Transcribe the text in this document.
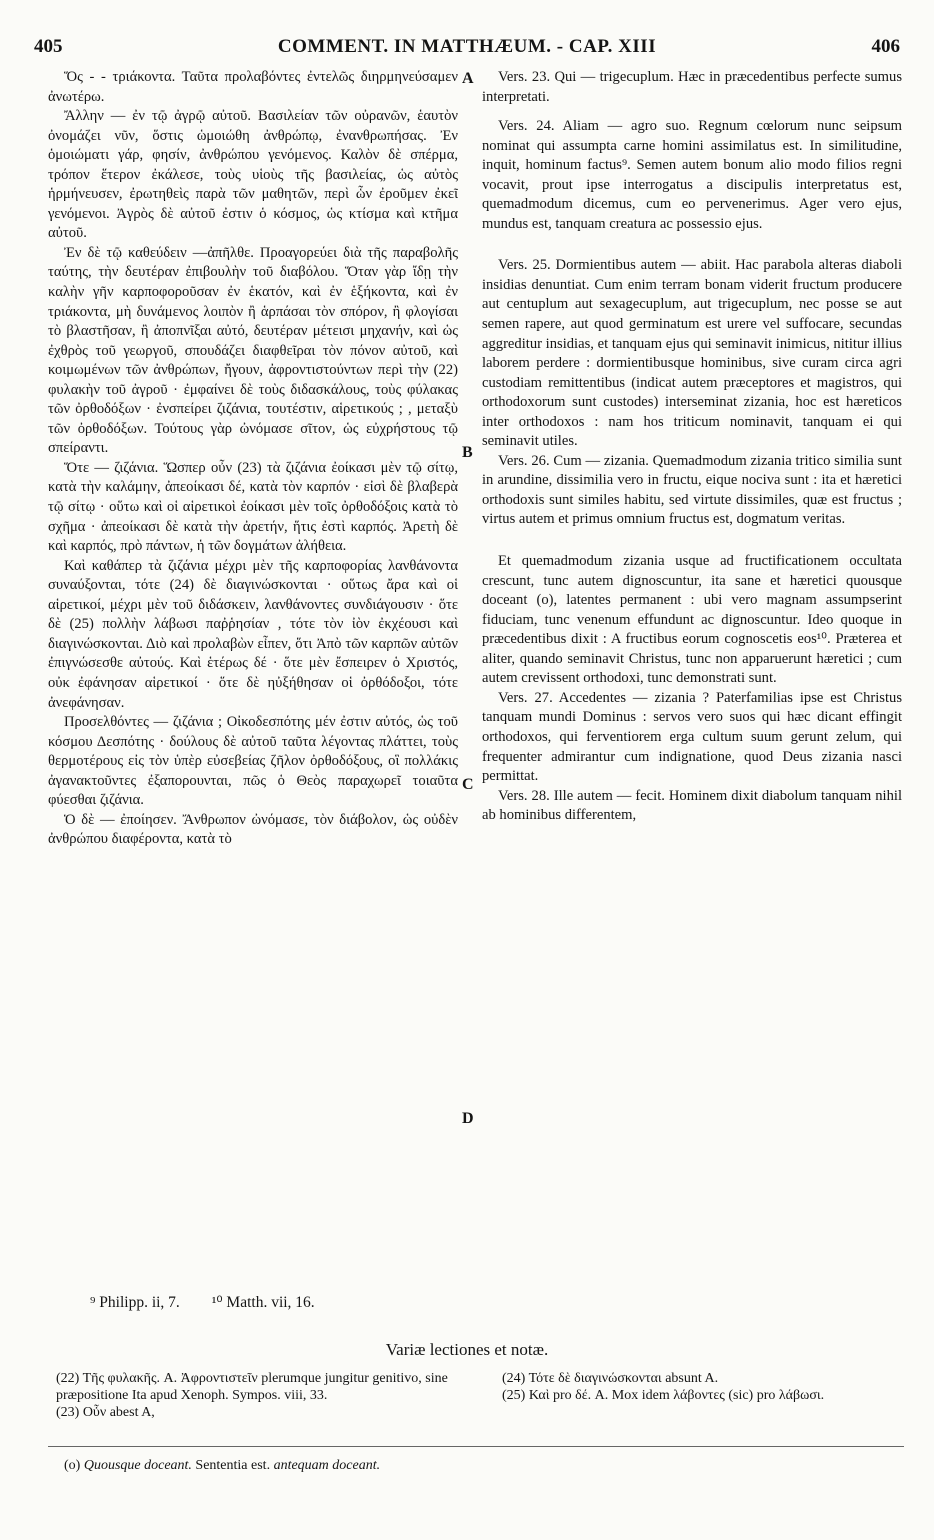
405	COMMENT. IN MATTHÆUM. - CAP. XIII	406

Ὅς - - τριάκοντα. Ταῦτα προλαβόντες ἐντελῶς διηρμηνεύσαμεν ἀνωτέρω.

Ἄλλην — ἐν τῷ ἀγρῷ αὐτοῦ. Βασιλείαν τῶν οὐρανῶν, ἑαυτὸν ὀνομάζει νῦν, ὅστις ὡμοιώθη ἀνθρώπῳ, ἐνανθρωπήσας. Ἐν ὁμοιώματι γάρ, φησίν, ἀνθρώπου γενόμενος. Καλὸν δὲ σπέρμα, τρόπον ἕτερον ἐκάλεσε, τοὺς υἱοὺς τῆς βασιλείας, ὡς αὐτὸς ἡρμήνευσεν, ἐρωτηθεὶς παρὰ τῶν μαθητῶν, περὶ ὧν ἐροῦμεν ἐκεῖ γενόμενοι. Ἀγρὸς δὲ αὐτοῦ ἐστιν ὁ κόσμος, ὡς κτίσμα καὶ κτῆμα αὐτοῦ.

Ἐν δὲ τῷ καθεύδειν —ἀπῆλθε. Προαγορεύει διὰ τῆς παραβολῆς ταύτης, τὴν δευτέραν ἐπιβουλὴν τοῦ διαβόλου. Ὅταν γὰρ ἴδῃ τὴν καλὴν γῆν καρποφοροῦσαν ἐν ἑκατόν, καὶ ἐν ἑξήκοντα, καὶ ἐν τριάκοντα, μὴ δυνάμενος λοιπὸν ἢ ἁρπάσαι τὸν σπόρον, ἢ φλογίσαι τὸ βλαστῆσαν, ἢ ἀποπνῖξαι αὐτό, δευτέραν μέτεισι μηχανήν, καὶ ὡς ἐχθρὸς τοῦ γεωργοῦ, σπουδάζει διαφθεῖραι τὸν πόνον αὐτοῦ, καὶ κοιμωμένων τῶν ἀνθρώπων, ἤγουν, ἀφροντιστούντων περὶ τὴν (22) φυλακὴν τοῦ ἀγροῦ · ἐμφαίνει δὲ τοὺς διδασκάλους, τοὺς φύλακας τῶν ὀρθοδόξων · ἐνσπείρει ζιζάνια, τουτέστιν, αἱρετικούς ; , μεταξὺ τῶν ὀρθοδόξων. Τούτους γὰρ ὠνόμασε σῖτον, ὡς εὐχρήστους τῷ σπείραντι.

Ὅτε — ζιζάνια. Ὥσπερ οὖν (23) τὰ ζιζάνια ἐοίκασι μὲν τῷ σίτῳ, κατὰ τὴν καλάμην, ἀπεοίκασι δέ, κατὰ τὸν καρπόν · εἰσὶ δὲ βλαβερὰ τῷ σίτῳ · οὕτω καὶ οἱ αἱρετικοὶ ἐοίκασι μὲν τοῖς ὀρθοδόξοις κατὰ τὸ σχῆμα · ἀπεοίκασι δὲ κατὰ τὴν ἀρετήν, ἥτις ἐστὶ καρπός. Ἀρετὴ δὲ καὶ καρπός, πρὸ πάντων, ἡ τῶν δογμάτων ἀλήθεια.

Καὶ καθάπερ τὰ ζιζάνια μέχρι μὲν τῆς καρποφορίας λανθάνοντα συναύξονται, τότε (24) δὲ διαγινώσκονται · οὕτως ἄρα καὶ οἱ αἱρετικοί, μέχρι μὲν τοῦ διδάσκειν, λανθάνοντες συνδιάγουσιν · ὅτε δὲ (25) πολλὴν λάβωσι παῤῥησίαν , τότε τὸν ἰὸν ἐκχέουσι καὶ διαγινώσκονται. Διὸ καὶ προλαβὼν εἶπεν, ὅτι Ἀπὸ τῶν καρπῶν αὐτῶν ἐπιγνώσεσθε αὐτούς. Καὶ ἑτέρως δέ · ὅτε μὲν ἔσπειρεν ὁ Χριστός, οὐκ ἐφάνησαν αἱρετικοί · ὅτε δὲ ηὐξήθησαν οἱ ὀρθόδοξοι, τότε ἀνεφάνησαν.

Προσελθόντες — ζιζάνια ; Οἰκοδεσπότης μέν ἐστιν αὐτός, ὡς τοῦ κόσμου Δεσπότης · δούλους δὲ αὐτοῦ ταῦτα λέγοντας πλάττει, τοὺς θερμοτέρους εἰς τὸν ὑπὲρ εὐσεβείας ζῆλον ὀρθοδόξους, οἳ πολλάκις ἀγανακτοῦντες ἐξαπορουνται, πῶς ὁ Θεὸς παραχωρεῖ τοιαῦτα φύεσθαι ζιζάνια.

Ὁ δὲ — ἐποίησεν. Ἄνθρωπον ὠνόμασε, τὸν διάβολον, ὡς οὐδὲν ἀνθρώπου διαφέροντα, κατὰ τὸ

A
B
C
D

Vers. 23. Qui — trigecuplum. Hæc in præcedentibus perfecte sumus interpretati.

Vers. 24. Aliam — agro suo. Regnum cœlorum nunc seipsum nominat qui assumpta carne homini assimilatus est. In similitudine, inquit, hominum factus⁹. Semen autem bonum alio modo filios regni vocavit, prout ipse interrogatus a discipulis interpretatus est, quemadmodum dicemus, cum eo pervenerimus. Ager vero ejus, mundus est, tanquam creatura ac possessio ejus.

Vers. 25. Dormientibus autem — abiit. Hac parabola alteras diaboli insidias denuntiat. Cum enim terram bonam viderit fructum producere aut centuplum aut sexagecuplum, aut trigecuplum, nec posse se aut semen rapere, aut quod germinatum est urere vel suffocare, secundas aggreditur insidias, et tanquam ejus qui seminavit inimicus, nititur illius laborem perdere : dormientibusque hominibus, sive curam circa agri custodiam remittentibus (indicat autem præceptores et magistros, qui orthodoxorum sunt custodes) interseminat zizania, hoc est hæreticos inter orthodoxos : nam hos triticum nominavit, tanquam ei qui seminavit utiles.

Vers. 26. Cum — zizania. Quemadmodum zizania tritico similia sunt in arundine, dissimilia vero in fructu, eique nociva sunt : ita et hæretici orthodoxis sunt similes habitu, sed virtute dissimiles, quæ est fructus ; virtus autem et primus omnium fructus est, dogmatum veritas.

Et quemadmodum zizania usque ad fructificationem occultata crescunt, tunc autem dignoscuntur, ita sane et hæretici quousque doceant (o), latentes permanent : ubi vero magnam assumpserint fiduciam, tunc venenum effundunt ac dignoscuntur. Ideo quoque in præcedentibus dixit : A fructibus eorum cognoscetis eos¹⁰. Præterea et aliter, quando seminavit Christus, tunc non apparuerunt hæretici ; cum autem crevissent orthodoxi, tunc demonstrati sunt.

Vers. 27. Accedentes — zizania ? Paterfamilias ipse est Christus tanquam mundi Dominus : servos vero suos qui hæc dicant effingit orthodoxos, qui ferventiorem erga cultum suum gerunt zelum, qui frequenter admirantur cum indignatione, quod Deus zizania nasci permittat.

Vers. 28. Ille autem — fecit. Hominem dixit diabolum tanquam nihil ab hominibus differentem,

⁹ Philipp. ii, 7. ¹⁰ Matth. vii, 16.
Variæ lectiones et notæ.

(22) Τῆς φυλακῆς. A. Ἀφροντιστεῖν plerumque jungitur genitivo, sine præpositione Ita apud Xenoph. Sympos. viii, 33.

(23) Οὖν abest A,

(24) Τότε δὲ διαγινώσκονται absunt A.

(25) Καὶ pro δέ. A. Mox idem λάβοντες (sic) pro λάβωσι.

(o) Quousque doceant. Sententia est. antequam doceant.
